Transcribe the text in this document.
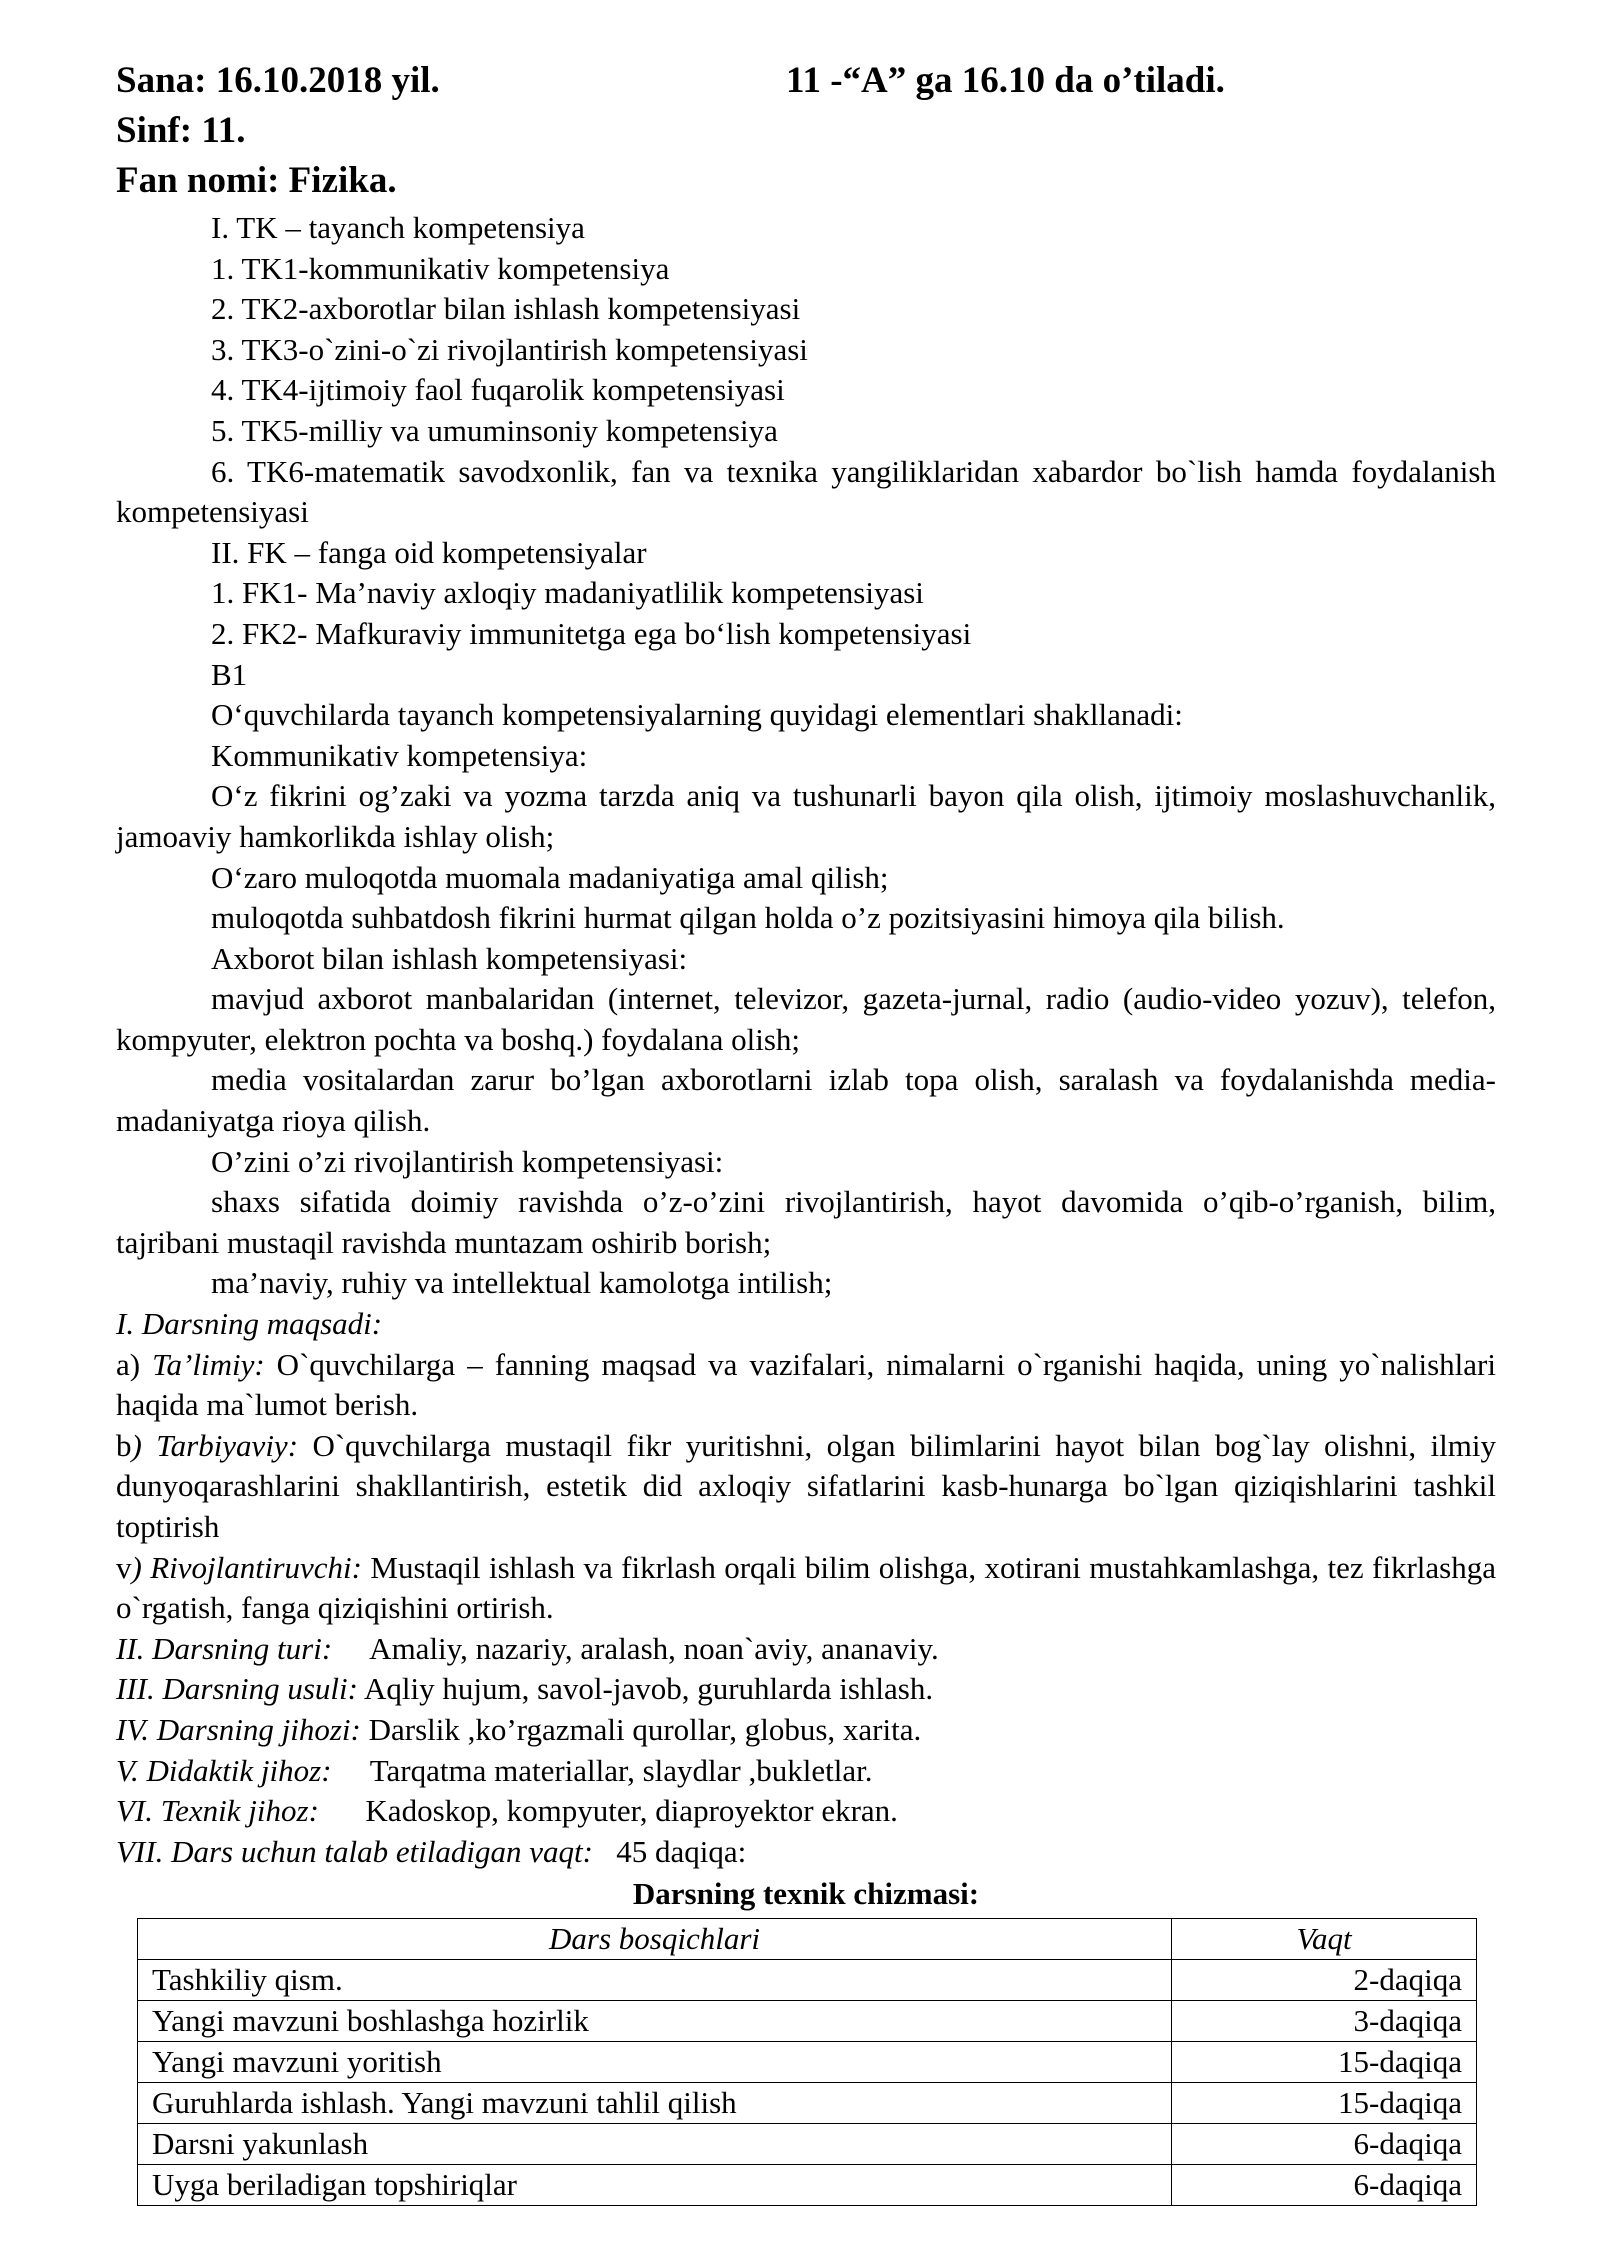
Sana: 16.10.2018 yil.	11 -“A” ga 16.10 da o’tiladi.
Sinf: 11.
Fan nomi: Fizika.

I. TK – tayanch kompetensiya

1. TK1-kommunikativ kompetensiya

2. TK2-axborotlar bilan ishlash kompetensiyasi

3. TK3-o`zini-o`zi rivojlantirish kompetensiyasi

4. TK4-ijtimoiy faol fuqarolik kompetensiyasi

5. TK5-milliy va umuminsoniy kompetensiya

6. TK6-matematik savodxonlik, fan va texnika yangiliklaridan xabardor bo`lish hamda foydalanish kompetensiyasi

II. FK – fanga oid kompetensiyalar

1. FK1- Ma’naviy axloqiy madaniyatlilik kompetensiyasi

2. FK2- Mafkuraviy immunitetga ega boʻlish kompetensiyasi

B1

Oʻquvchilarda tayanch kompetensiyalarning quyidagi elementlari shakllanadi:

Kommunikativ kompetensiya:

Oʻz fikrini og’zaki va yozma tarzda aniq va tushunarli bayon qila olish, ijtimoiy moslashuvchanlik, jamoaviy hamkorlikda ishlay olish;

Oʻzaro muloqotda muomala madaniyatiga amal qilish;

muloqotda suhbatdosh fikrini hurmat qilgan holda o’z pozitsiyasini himoya qila bilish.

Axborot bilan ishlash kompetensiyasi:

mavjud axborot manbalaridan (internet, televizor, gazeta-jurnal, radio (audio-video yozuv), telefon, kompyuter, elektron pochta va boshq.) foydalana olish;

media vositalardan zarur bo’lgan axborotlarni izlab topa olish, saralash va foydalanishda media-madaniyatga rioya qilish.

O’zini o’zi rivojlantirish kompetensiyasi:

shaxs sifatida doimiy ravishda o’z-o’zini rivojlantirish, hayot davomida o’qib-o’rganish, bilim, tajribani mustaqil ravishda muntazam oshirib borish;

ma’naviy, ruhiy va intellektual kamolotga intilish;

I. Darsning maqsadi:

a) Ta’limiy: O`quvchilarga – fanning maqsad va vazifalari, nimalarni o`rganishi haqida, uning yo`nalishlari haqida ma`lumot berish.

b) Tarbiyaviy: O`quvchilarga mustaqil fikr yuritishni, olgan bilimlarini hayot bilan bog`lay olishni, ilmiy dunyoqarashlarini shakllantirish, estetik did axloqiy sifatlarini kasb-hunarga bo`lgan qiziqishlarini tashkil toptirish

v) Rivojlantiruvchi: Mustaqil ishlash va fikrlash orqali bilim olishga, xotirani mustahkamlashga, tez fikrlashga o`rgatish, fanga qiziqishini ortirish.

II. Darsning turi:     Amaliy, nazariy, aralash, noan`aviy, ananaviy.

III. Darsning usuli: Aqliy hujum, savol-javob, guruhlarda ishlash.

IV. Darsning jihozi: Darslik ,ko’rgazmali qurollar, globus, xarita.

V. Didaktik jihoz:     Tarqatma materiallar, slaydlar ,bukletlar.

VI. Texnik jihoz:      Kadoskop, kompyuter, diaproyektor ekran.

VII. Dars uchun talab etiladigan vaqt:   45 daqiqa:

Darsning texnik chizmasi:
Dars bosqichlari	Vaqt
Tashkiliy qism.	2-daqiqa
Yangi mavzuni boshlashga hozirlik	3-daqiqa
Yangi mavzuni yoritish	15-daqiqa
Guruhlarda ishlash. Yangi mavzuni tahlil qilish	15-daqiqa
Darsni yakunlash	6-daqiqa
Uyga beriladigan topshiriqlar	6-daqiqa
